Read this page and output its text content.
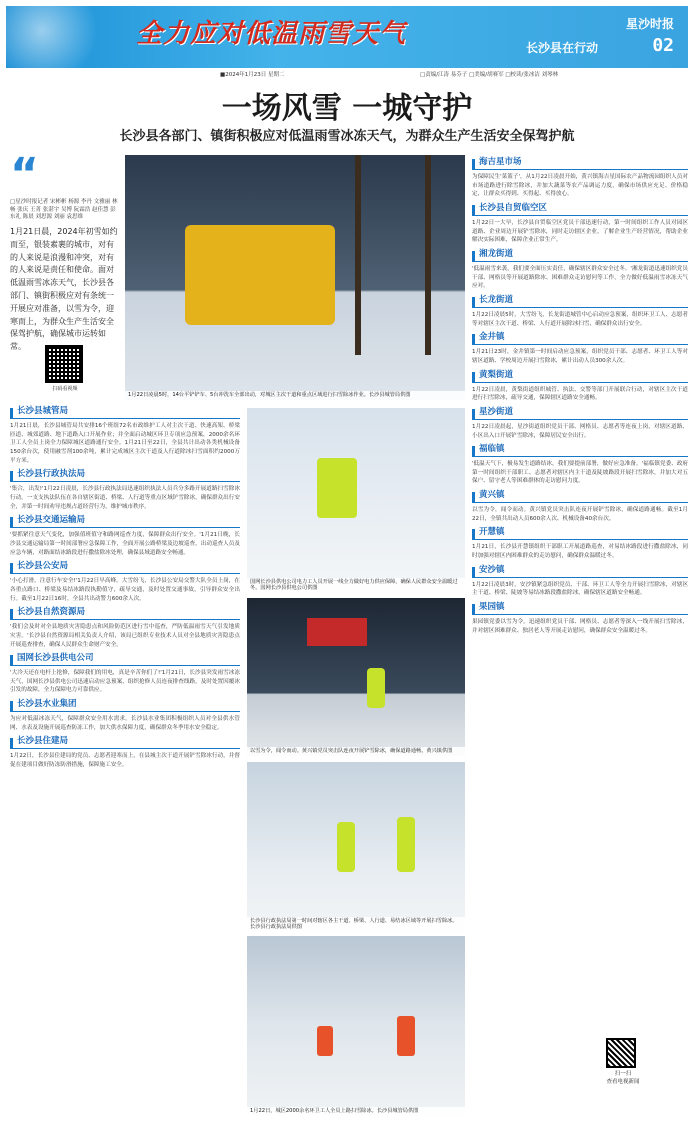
全力应对低温雨雪天气	长沙县在行动
星沙时报
02
■2024年1月23日 星期二	□责编/江涛 易芬子 □美编/胡赛军 □校读/张冰洁 刘琴林
一场风雪 一城守护
长沙县各部门、镇街积极应对低温雨雪冰冻天气，为群众生产生活安全保驾护航
“
□星沙时报记者 宋彬彬 杨源 李丹 文雅丽 林畅 张庆 王菁 张湛宇 吴博 阮霖浩 赵佳慧 彭东礼 陈晨 刘思源 刘丽 袁思维
1月21日晨，2024年初雪如约而至，银装素裹的城市，对有的人来说是浪漫和冲突，对有的人来说是责任和使命。面对低温雨雪冰冻天气，长沙县各部门、镇街积极应对有条统一开展应对准备，以雪为令，迎寒而上，为群众生产生活安全保驾护航，确保城市运转如常。
扫码看视频
1月22日凌晨5时，14台平铲铲车、5台冲洗车全部出动，对城区主次干道和重点区域进行扫雪除冰作业。长沙县城管局供图
国网长沙县供电公司电力工人员开展一线全力做好电力供应保障，确保人民群众安全温暖过冬。国网长沙县供电公司供图
以雪为令，闻令而动。黄兴镇党员突击队连夜开展铲雪除冰，确保道路通畅。黄兴镇供图
长沙县行政执法局第一时间对辖区各主干道、桥梁、人行道、易结冰区域等开展扫雪除冰。长沙县行政执法局供图
1月22日，城区2000余名环卫工人全员上路扫雪除冰。长沙县城管局供图
长沙县城管局
1月21日晨，长沙县城管局共安排16个班组72名市政维护工人对主次干道、快速高架、桥梁匝道、城郊道路、地下道路入口开展作业；并全面启动城区环卫专项应急预案，2000余名环卫工人全员上岗全力保障城区道路通行安全。1月21日至22日，全县共计出动各类机械设备150余台次，使用融雪剂100余吨，累计完成城区主次干道及人行道除冰扫雪面积约2000万平方米。
长沙县行政执法局
'集合，出发!'1月22日凌晨，长沙县行政执法局迅速组织执法人员兵分多路开展道路扫雪除冰行动。一支支执法队伍在各自辖区街道、桥梁、人行道等重点区域铲雪除冰，确保群众出行安全，并第一时间劝导违规占道经营行为，维护城市秩序。
长沙县交通运输局
'要抓紧往意天气变化，加强值班值守和路网巡查力度，保障群众出行安全。'1月21日晚，长沙县交通运输局第一时间部署应急保障工作，全面开展公路桥梁及边坡巡查，出动巡查人员及应急车辆，对路面结冰路段进行撒盐除冰处理，确保县域道路安全畅通。
长沙县公安局
'小心打滑，注意行车安全!'1月22日早高峰，大雪纷飞，长沙县公安局交警大队全员上岗，在各重点路口、桥梁及易结冰路段执勤值守，疏导交通，及时处置交通事故，引导群众安全出行。截至1月22日16时，全县共出动警力600余人次。
长沙县自然资源局
'我们会及时对全县地质灾害隐患点和风险防范区进行雪中巡查，严防低温雨雪天气引发地质灾害。'长沙县自然资源局相关负责人介绍，该局已组织专业技术人员对全县地质灾害隐患点开展巡查排查，确保人民群众生命财产安全。
国网长沙县供电公司
'大冷天还在电杆上抢修，保障我们的用电，真是辛苦你们了!'1月21日，长沙县突发雨雪冰冻天气，国网长沙县供电公司迅速启动应急预案，组织抢修人员连夜排查线路，及时处置因覆冰引发的故障，全力保障电力可靠供应。
长沙县水业集团
为应对低温冰冻天气，保障群众安全用水需求，长沙县水业集团积极组织人员对全县供水管网、水表及设施开展巡查防冻工作，加大供水保障力度，确保群众冬季用水安全稳定。
长沙县住建局
1月22日，长沙县住建局的党员、志愿者迎寒而上，在县城主次干道开展铲雪除冰行动，并督促在建项目做好防冻防滑措施，保障施工安全。
海吉星市场
为保障民生'菜篮子'，从1月22日凌晨开始，黄兴镇海吉星国际农产品物流园组织人员对市场道路进行除雪除冰，并加大蔬菜等农产品调运力度，确保市场供应充足、价格稳定，让群众买得到、买得起、买得放心。
长沙县自贸临空区
1月22日一大早，长沙县自贸临空区党员干部迅速行动，第一时间组织工作人员对园区道路、企业周边开展铲雪除冰，同时走访辖区企业，了解企业生产经营情况，帮助企业解决实际困难，保障企业正常生产。
湘龙街道
'低温雨雪来袭，我们要全面压实责任，确保辖区群众安全过冬。'湘龙街道迅速组织党员干部、网格员等开展道路除冰、困难群众走访慰问等工作，全力做好低温雨雪冰冻天气应对。
长龙街道
1月22日凌晨5时，大雪纷飞，长龙街道城管中心启动应急预案，组织环卫工人、志愿者等对辖区主次干道、桥梁、人行道开展除冰扫雪，确保群众出行安全。
金井镇
1月21日23时，金井镇第一时间启动应急预案，组织党员干部、志愿者、环卫工人等对辖区道路、学校周边开展扫雪除冰，累计出动人员300余人次。
黄梨街道
1月22日凌晨，黄梨街道组织城管、执法、交警等部门开展联合行动，对辖区主次干道进行扫雪除冰，疏导交通，保障辖区道路安全通畅。
星沙街道
1月22日凌晨起，星沙街道组织党员干部、网格员、志愿者等连夜上岗，对辖区道路、小区出入口开展铲雪除冰，保障居民安全出行。
福临镇
'低温天气下，极易发生道路结冰，我们要提前部署，做好应急准备。'福临镇党委、政府第一时间组织干部职工、志愿者对辖区内主干道及陡坡路段开展扫雪除冰，并加大对五保户、留守老人等困难群体的走访慰问力度。
黄兴镇
以雪为令，闻令而动。黄兴镇党员突击队连夜开展铲雪除冰，确保道路通畅。截至1月22日，全镇共出动人员600余人次、机械设备40余台次。
开慧镇
1月21日，长沙县开慧镇组织干部职工开展道路巡查，对易结冰路段进行撒盐除冰，同时加强对辖区内困难群众的走访慰问，确保群众温暖过冬。
安沙镇
1月22日凌晨3时，安沙镇紧急组织党员、干部、环卫工人等全力开展扫雪除冰，对辖区主干道、桥梁、陡坡等易结冰路段撒盐除冰，确保辖区道路安全畅通。
果园镇
果园镇党委以雪为令，迅速组织党员干部、网格员、志愿者等深入一线开展扫雪除冰，并对辖区困难群众、独居老人等开展走访慰问，确保群众安全温暖过冬。
扫一扫
查看电视新闻
